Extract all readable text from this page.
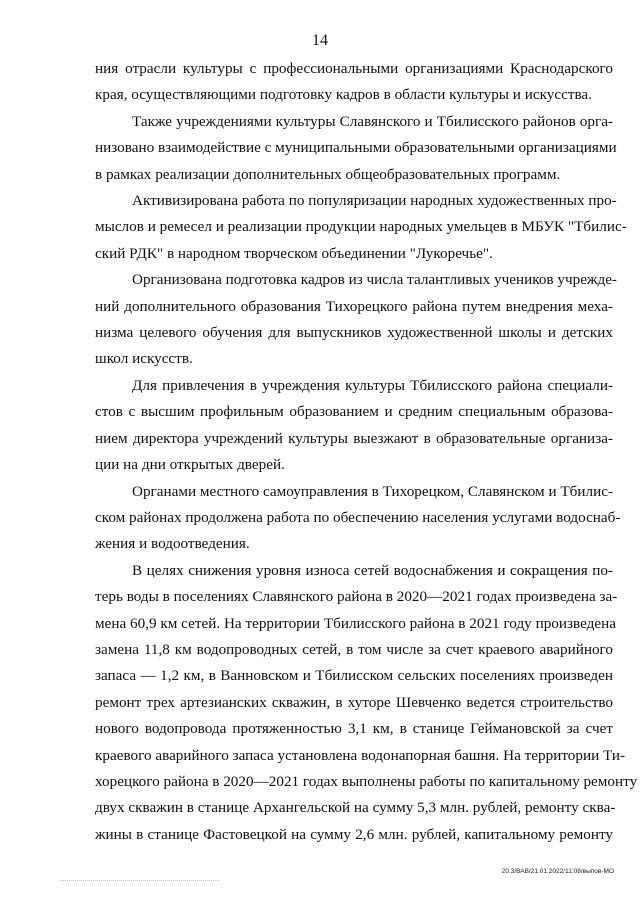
14
ния отрасли культуры с профессиональными организациями Краснодарского
края, осуществляющими подготовку кадров в области культуры и искусства.
Также учреждениями культуры Славянского и Тбилисского районов орга-
низовано взаимодействие с муниципальными образовательными организациями
в рамках реализации дополнительных общеобразовательных программ.
Активизирована работа по популяризации народных художественных про-
мыслов и ремесел и реализации продукции народных умельцев в МБУК "Тбилис-
ский РДК" в народном творческом объединении "Лукоречье".
Организована подготовка кадров из числа талантливых учеников учрежде-
ний дополнительного образования Тихорецкого района путем внедрения меха-
низма целевого обучения для выпускников художественной школы и детских
школ искусств.
Для привлечения в учреждения культуры Тбилисского района специали-
стов с высшим профильным образованием и средним специальным образова-
нием директора учреждений культуры выезжают в образовательные организа-
ции на дни открытых дверей.
Органами местного самоуправления в Тихорецком, Славянском и Тбилис-
ском районах продолжена работа по обеспечению населения услугами водоснаб-
жения и водоотведения.
В целях снижения уровня износа сетей водоснабжения и сокращения по-
терь воды в поселениях Славянского района в 2020—2021 годах произведена за-
мена 60,9 км сетей. На территории Тбилисского района в 2021 году произведена
замена 11,8 км водопроводных сетей, в том числе за счет краевого аварийного
запаса — 1,2 км, в Ванновском и Тбилисском сельских поселениях произведен
ремонт трех артезианских скважин, в хуторе Шевченко ведется строительство
нового водопровода протяженностью 3,1 км, в станице Геймановской за счет
краевого аварийного запаса установлена водонапорная башня. На территории Ти-
хорецкого района в 2020—2021 годах выполнены работы по капитальному ремонту
двух скважин в станице Архангельской на сумму 5,3 млн. рублей, ремонту сква-
жины в станице Фастовецкой на сумму 2,6 млн. рублей, капитальному ремонту
20.3/ВАВ/21.01.2022/11:08/выпов-МО
